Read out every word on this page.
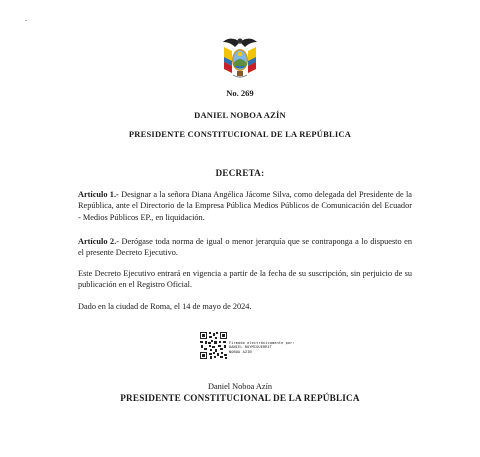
No. 269
DANIEL NOBOA AZÍN
PRESIDENTE CONSTITUCIONAL DE LA REPÚBLICA
DECRETA:
Artículo 1.- Designar a la señora Diana Angélica Jácome Silva, como delegada del Presidente de la República, ante el Directorio de la Empresa Pública Medios Públicos de Comunicación del Ecuador - Medios Públicos EP., en liquidación.
Artículo 2.- Derógase toda norma de igual o menor jerarquía que se contraponga a lo dispuesto en el presente Decreto Ejecutivo.
Este Decreto Ejecutivo entrará en vigencia a partir de la fecha de su suscripción, sin perjuicio de su publicación en el Registro Oficial.
Dado en la ciudad de Roma, el 14 de mayo de 2024.
Firmado electrónicamente por:
DANIEL ROYMIGUERRIT
NOBOA AZIN
Daniel Noboa Azín
PRESIDENTE CONSTITUCIONAL DE LA REPÚBLICA
